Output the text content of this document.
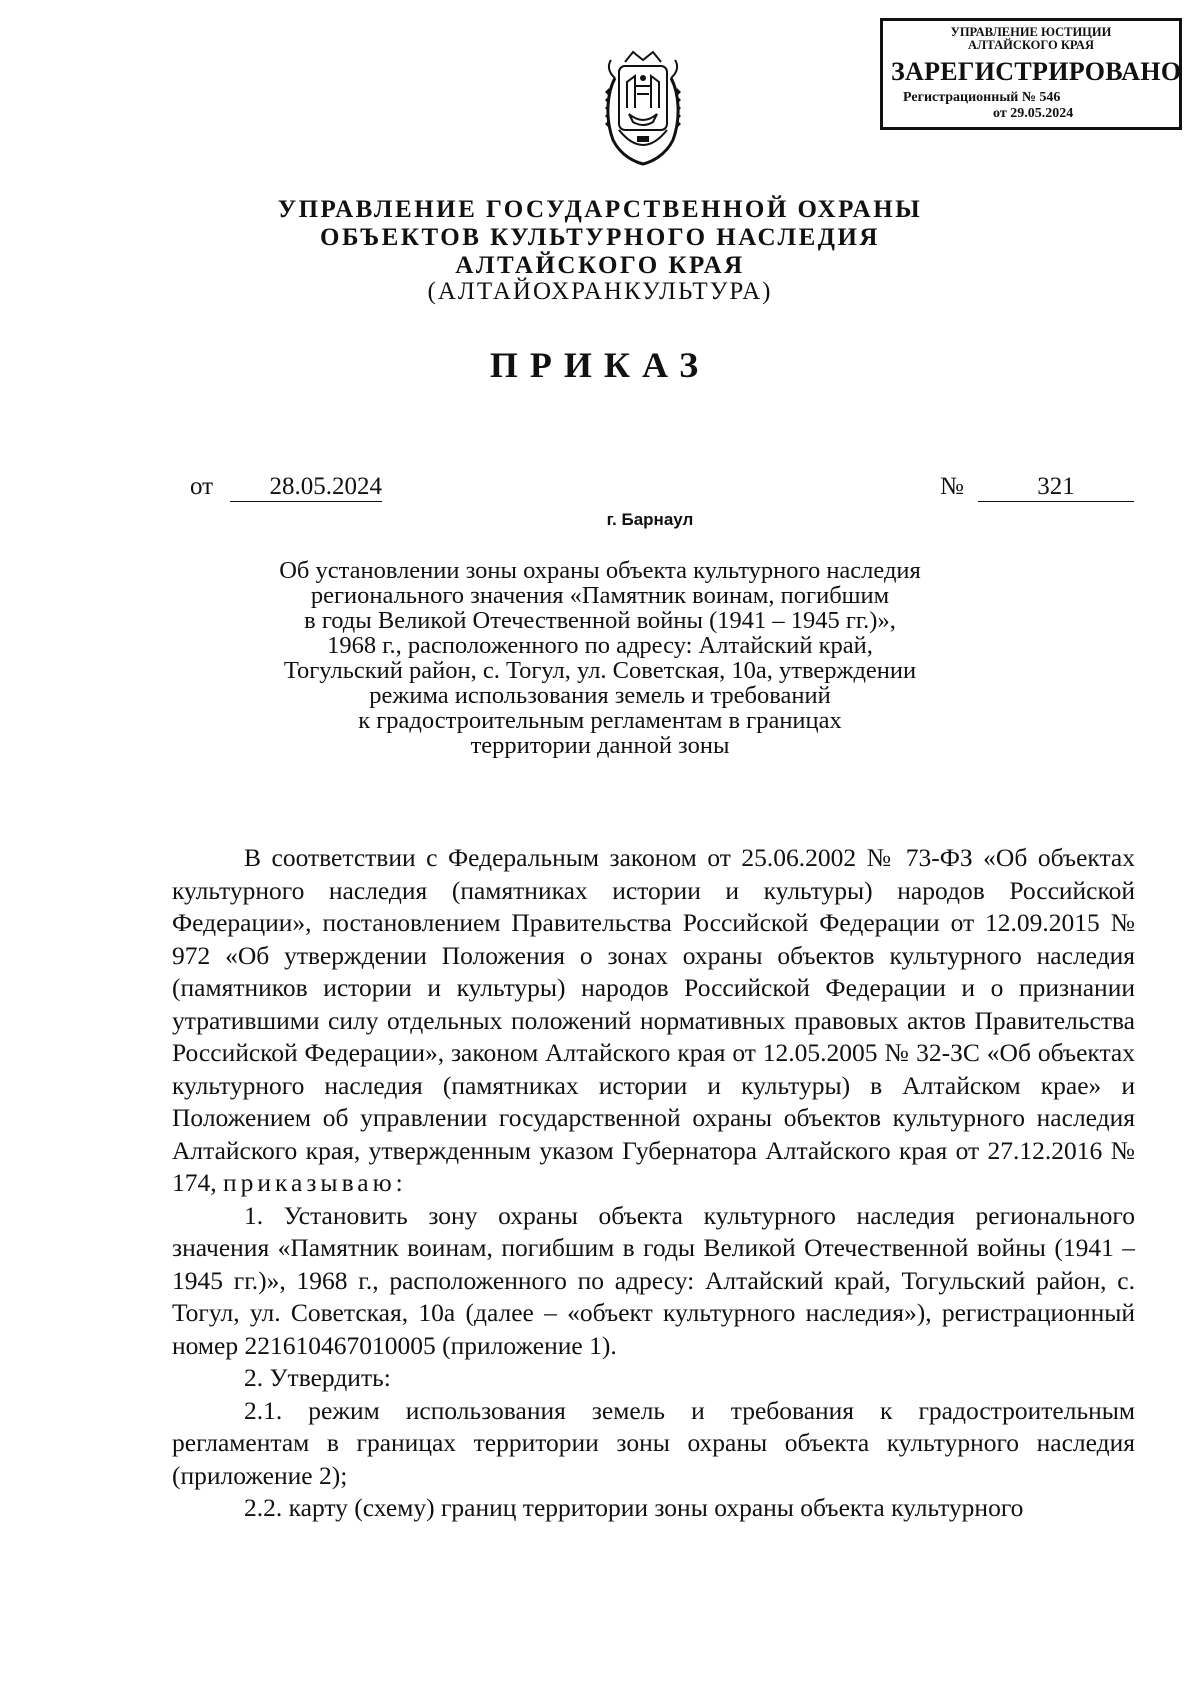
УПРАВЛЕНИЕ ЮСТИЦИИ
АЛТАЙСКОГО КРАЯ
ЗАРЕГИСТРИРОВАНО
Регистрационный № 546
от 29.05.2024
УПРАВЛЕНИЕ ГОСУДАРСТВЕННОЙ ОХРАНЫ
ОБЪЕКТОВ КУЛЬТУРНОГО НАСЛЕДИЯ
АЛТАЙСКОГО КРАЯ
(АЛТАЙОХРАНКУЛЬТУРА)
ПРИКАЗ
от	28.05.2024	№	321
г. Барнаул
Об установлении зоны охраны объекта культурного наследия
регионального значения «Памятник воинам, погибшим
в годы Великой Отечественной войны (1941 – 1945 гг.)»,
1968 г., расположенного по адресу: Алтайский край,
Тогульский район, с. Тогул, ул. Советская, 10а, утверждении
режима использования земель и требований
к градостроительным регламентам в границах
территории данной зоны

В соответствии с Федеральным законом от 25.06.2002 № 73-ФЗ «Об объектах культурного наследия (памятниках истории и культуры) народов Российской Федерации», постановлением Правительства Российской Федерации от 12.09.2015 № 972 «Об утверждении Положения о зонах охраны объектов культурного наследия (памятников истории и культуры) народов Российской Федерации и о признании утратившими силу отдельных положений нормативных правовых актов Правительства Российской Федерации», законом Алтайского края от 12.05.2005 № 32-ЗС «Об объектах культурного наследия (памятниках истории и культуры) в Алтайском крае» и Положением об управлении государственной охраны объектов культурного наследия Алтайского края, утвержденным указом Губернатора Алтайского края от 27.12.2016 № 174, приказываю:

1. Установить зону охраны объекта культурного наследия регионального значения «Памятник воинам, погибшим в годы Великой Отечественной войны (1941 – 1945 гг.)», 1968 г., расположенного по адресу: Алтайский край, Тогульский район, с. Тогул, ул. Советская, 10а (далее – «объект культурного наследия»), регистрационный номер 221610467010005 (приложение 1).

2. Утвердить:

2.1. режим использования земель и требования к градостроительным регламентам в границах территории зоны охраны объекта культурного наследия (приложение 2);

2.2. карту (схему) границ территории зоны охраны объекта культурного
